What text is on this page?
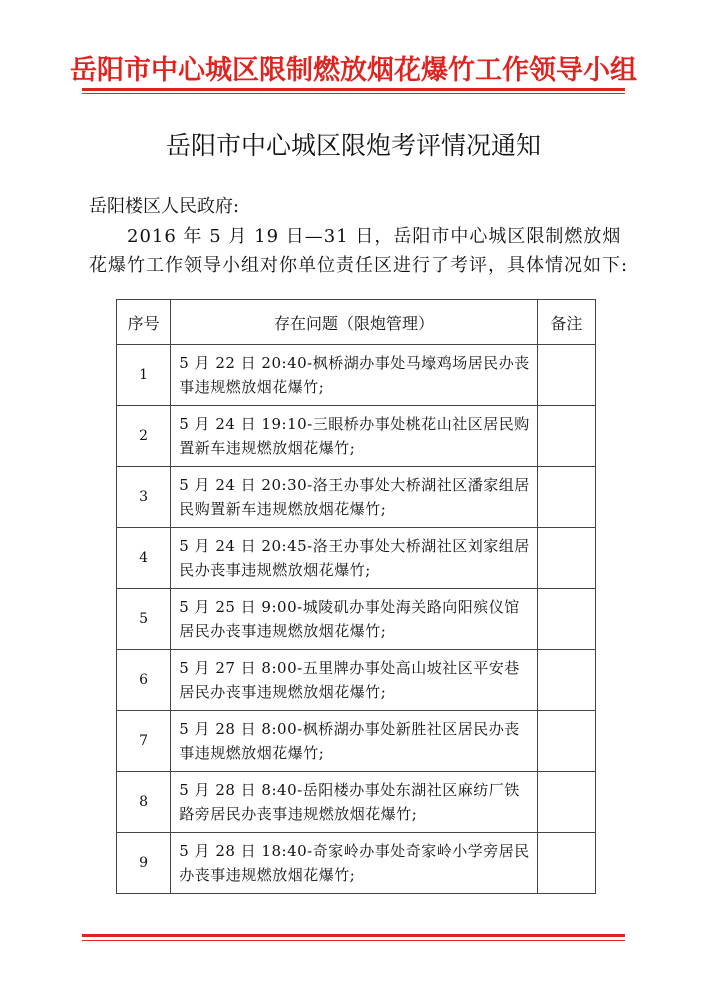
岳阳市中心城区限制燃放烟花爆竹工作领导小组
岳阳市中心城区限炮考评情况通知
岳阳楼区人民政府:
2016 年 5 月 19 日—31 日，岳阳市中心城区限制燃放烟花爆竹工作领导小组对你单位责任区进行了考评，具体情况如下:
序号	存在问题（限炮管理）	备注
1	5 月 22 日 20:40-枫桥湖办事处马壕鸡场居民办丧事违规燃放烟花爆竹;	
2	5 月 24 日 19:10-三眼桥办事处桃花山社区居民购置新车违规燃放烟花爆竹;	
3	5 月 24 日 20:30-洛王办事处大桥湖社区潘家组居民购置新车违规燃放烟花爆竹;	
4	5 月 24 日 20:45-洛王办事处大桥湖社区刘家组居民办丧事违规燃放烟花爆竹;	
5	5 月 25 日 9:00-城陵矶办事处海关路向阳殡仪馆居民办丧事违规燃放烟花爆竹;	
6	5 月 27 日 8:00-五里牌办事处高山坡社区平安巷居民办丧事违规燃放烟花爆竹;	
7	5 月 28 日 8:00-枫桥湖办事处新胜社区居民办丧事违规燃放烟花爆竹;	
8	5 月 28 日 8:40-岳阳楼办事处东湖社区麻纺厂铁路旁居民办丧事违规燃放烟花爆竹;	
9	5 月 28 日 18:40-奇家岭办事处奇家岭小学旁居民办丧事违规燃放烟花爆竹;	
